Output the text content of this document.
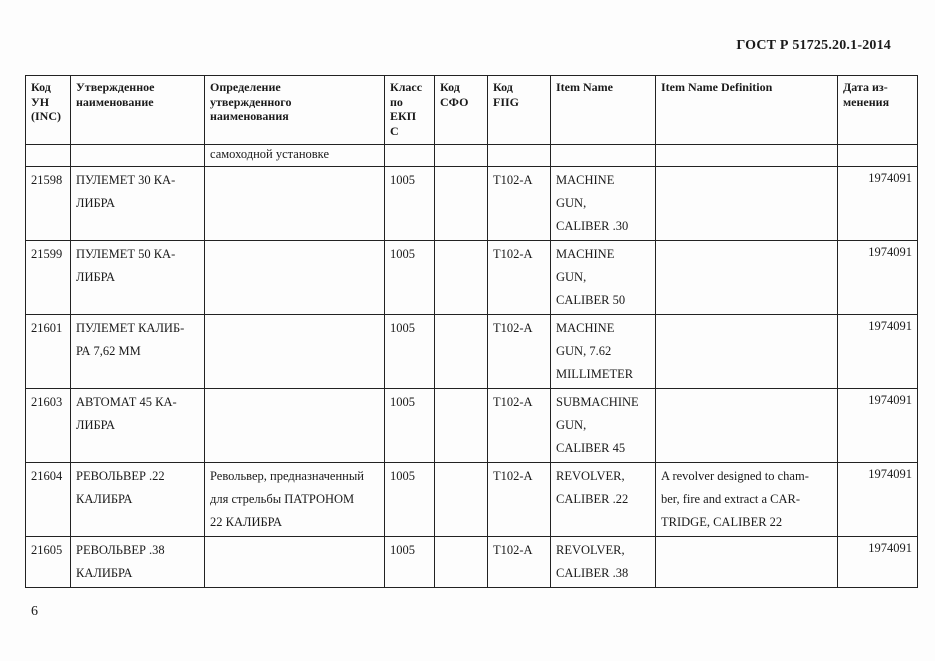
ГОСТ Р 51725.20.1-2014
Код
УН
(INC)	Утвержденное
наименование	Определение
утвержденного
наименования	Класс
по
ЕКП
С	Код
СФО	Код
FIIG	Item Name	Item Name Definition	Дата из-
менения
		самоходной установке						
21598	ПУЛЕМЕТ 30 КА-
ЛИБРА		1005		T102-A	MACHINE
GUN,
CALIBER .30		1974091
21599	ПУЛЕМЕТ 50 КА-
ЛИБРА		1005		T102-A	MACHINE
GUN,
CALIBER 50		1974091
21601	ПУЛЕМЕТ КАЛИБ-
РА 7,62 ММ		1005		T102-A	MACHINE
GUN, 7.62
MILLIMETER		1974091
21603	АВТОМАТ 45 КА-
ЛИБРА		1005		T102-A	SUBMACHINE
GUN,
CALIBER 45		1974091
21604	РЕВОЛЬВЕР .22
КАЛИБРА	Револьвер, предназначенный
для стрельбы ПАТРОНОМ
22 КАЛИБРА	1005		T102-A	REVOLVER,
CALIBER .22	A revolver designed to cham-
ber, fire and extract a CAR-
TRIDGE, CALIBER 22	1974091
21605	РЕВОЛЬВЕР .38
КАЛИБРА		1005		T102-A	REVOLVER,
CALIBER .38		1974091
6
